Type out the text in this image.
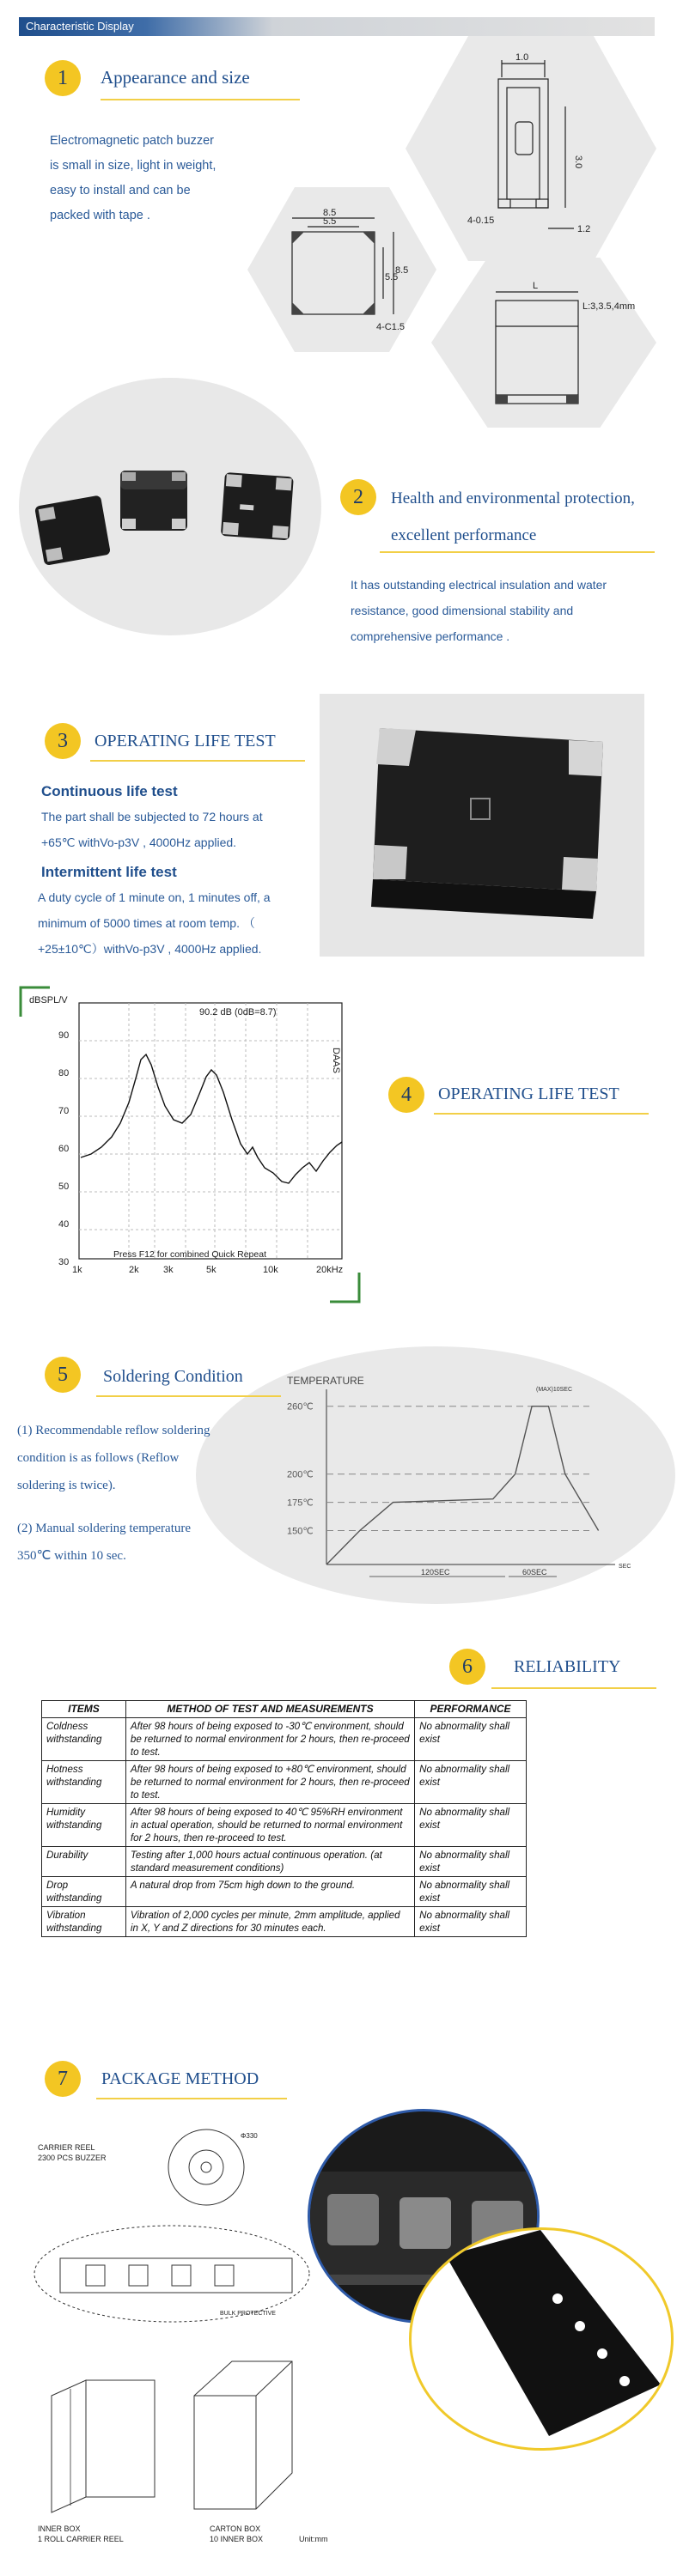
Characteristic Display
1	Appearance and size
Electromagnetic patch buzzer
is small in size, light in weight,
easy to install and can be
packed with tape .
1.0
3.0
4-0.15
1.2
8.5
5.5
5.5
8.5
4-C1.5
L
L:3,3.5,4mm
2	Health and environmental protection,
excellent performance
It has outstanding electrical insulation and water
resistance, good dimensional stability and
comprehensive performance .
3	OPERATING LIFE TEST
Continuous life test
The part shall be subjected to 72 hours at
+65℃ withVo-p3V , 4000Hz applied.
Intermittent life test
A duty cycle of 1 minute on, 1 minutes off, a
minimum of 5000 times at room temp. （
+25±10℃）withVo-p3V , 4000Hz applied.
dBSPL/V
90.2 dB (0dB=8.7)
DAAS
90
80
70
60
50
40
30
1k	2k	3k	5k	10k	20kHz
Press F12 for combined Quick Repeat
4	OPERATING LIFE TEST
5	Soldering Condition
(1) Recommendable reflow soldering
condition is as follows (Reflow
soldering is twice).
(2) Manual soldering temperature
350℃ within 10 sec.
TEMPERATURE
260℃
200℃
175℃
150℃
(MAX)10SEC
120SEC	60SEC
SEC
6	RELIABILITY
ITEMS	METHOD OF TEST AND MEASUREMENTS	PERFORMANCE
Coldness withstanding	After 98 hours of being exposed to -30℃ environment, should be returned to normal environment for 2 hours, then re-proceed to test.	No abnormality shall exist
Hotness withstanding	After 98 hours of being exposed to +80℃ environment, should be returned to normal environment for 2 hours, then re-proceed to test.	No abnormality shall exist
Humidity withstanding	After 98 hours of being exposed to 40℃ 95%RH environment in actual operation, should be returned to normal environment for 2 hours, then re-proceed to test.	No abnormality shall exist
Durability	Testing after 1,000 hours actual continuous operation. (at standard measurement conditions)	No abnormality shall exist
Drop withstanding	A natural drop from 75cm high down to the ground.	No abnormality shall exist
Vibration withstanding	Vibration of 2,000 cycles per minute, 2mm amplitude, applied in X, Y and Z directions for 30 minutes each.	No abnormality shall exist
7	PACKAGE METHOD
CARRIER REEL
2300 PCS BUZZER
Φ330
BULK PROTECTIVE
INNER BOX
1 ROLL CARRIER REEL
CARTON BOX
10 INNER BOX	Unit:mm
